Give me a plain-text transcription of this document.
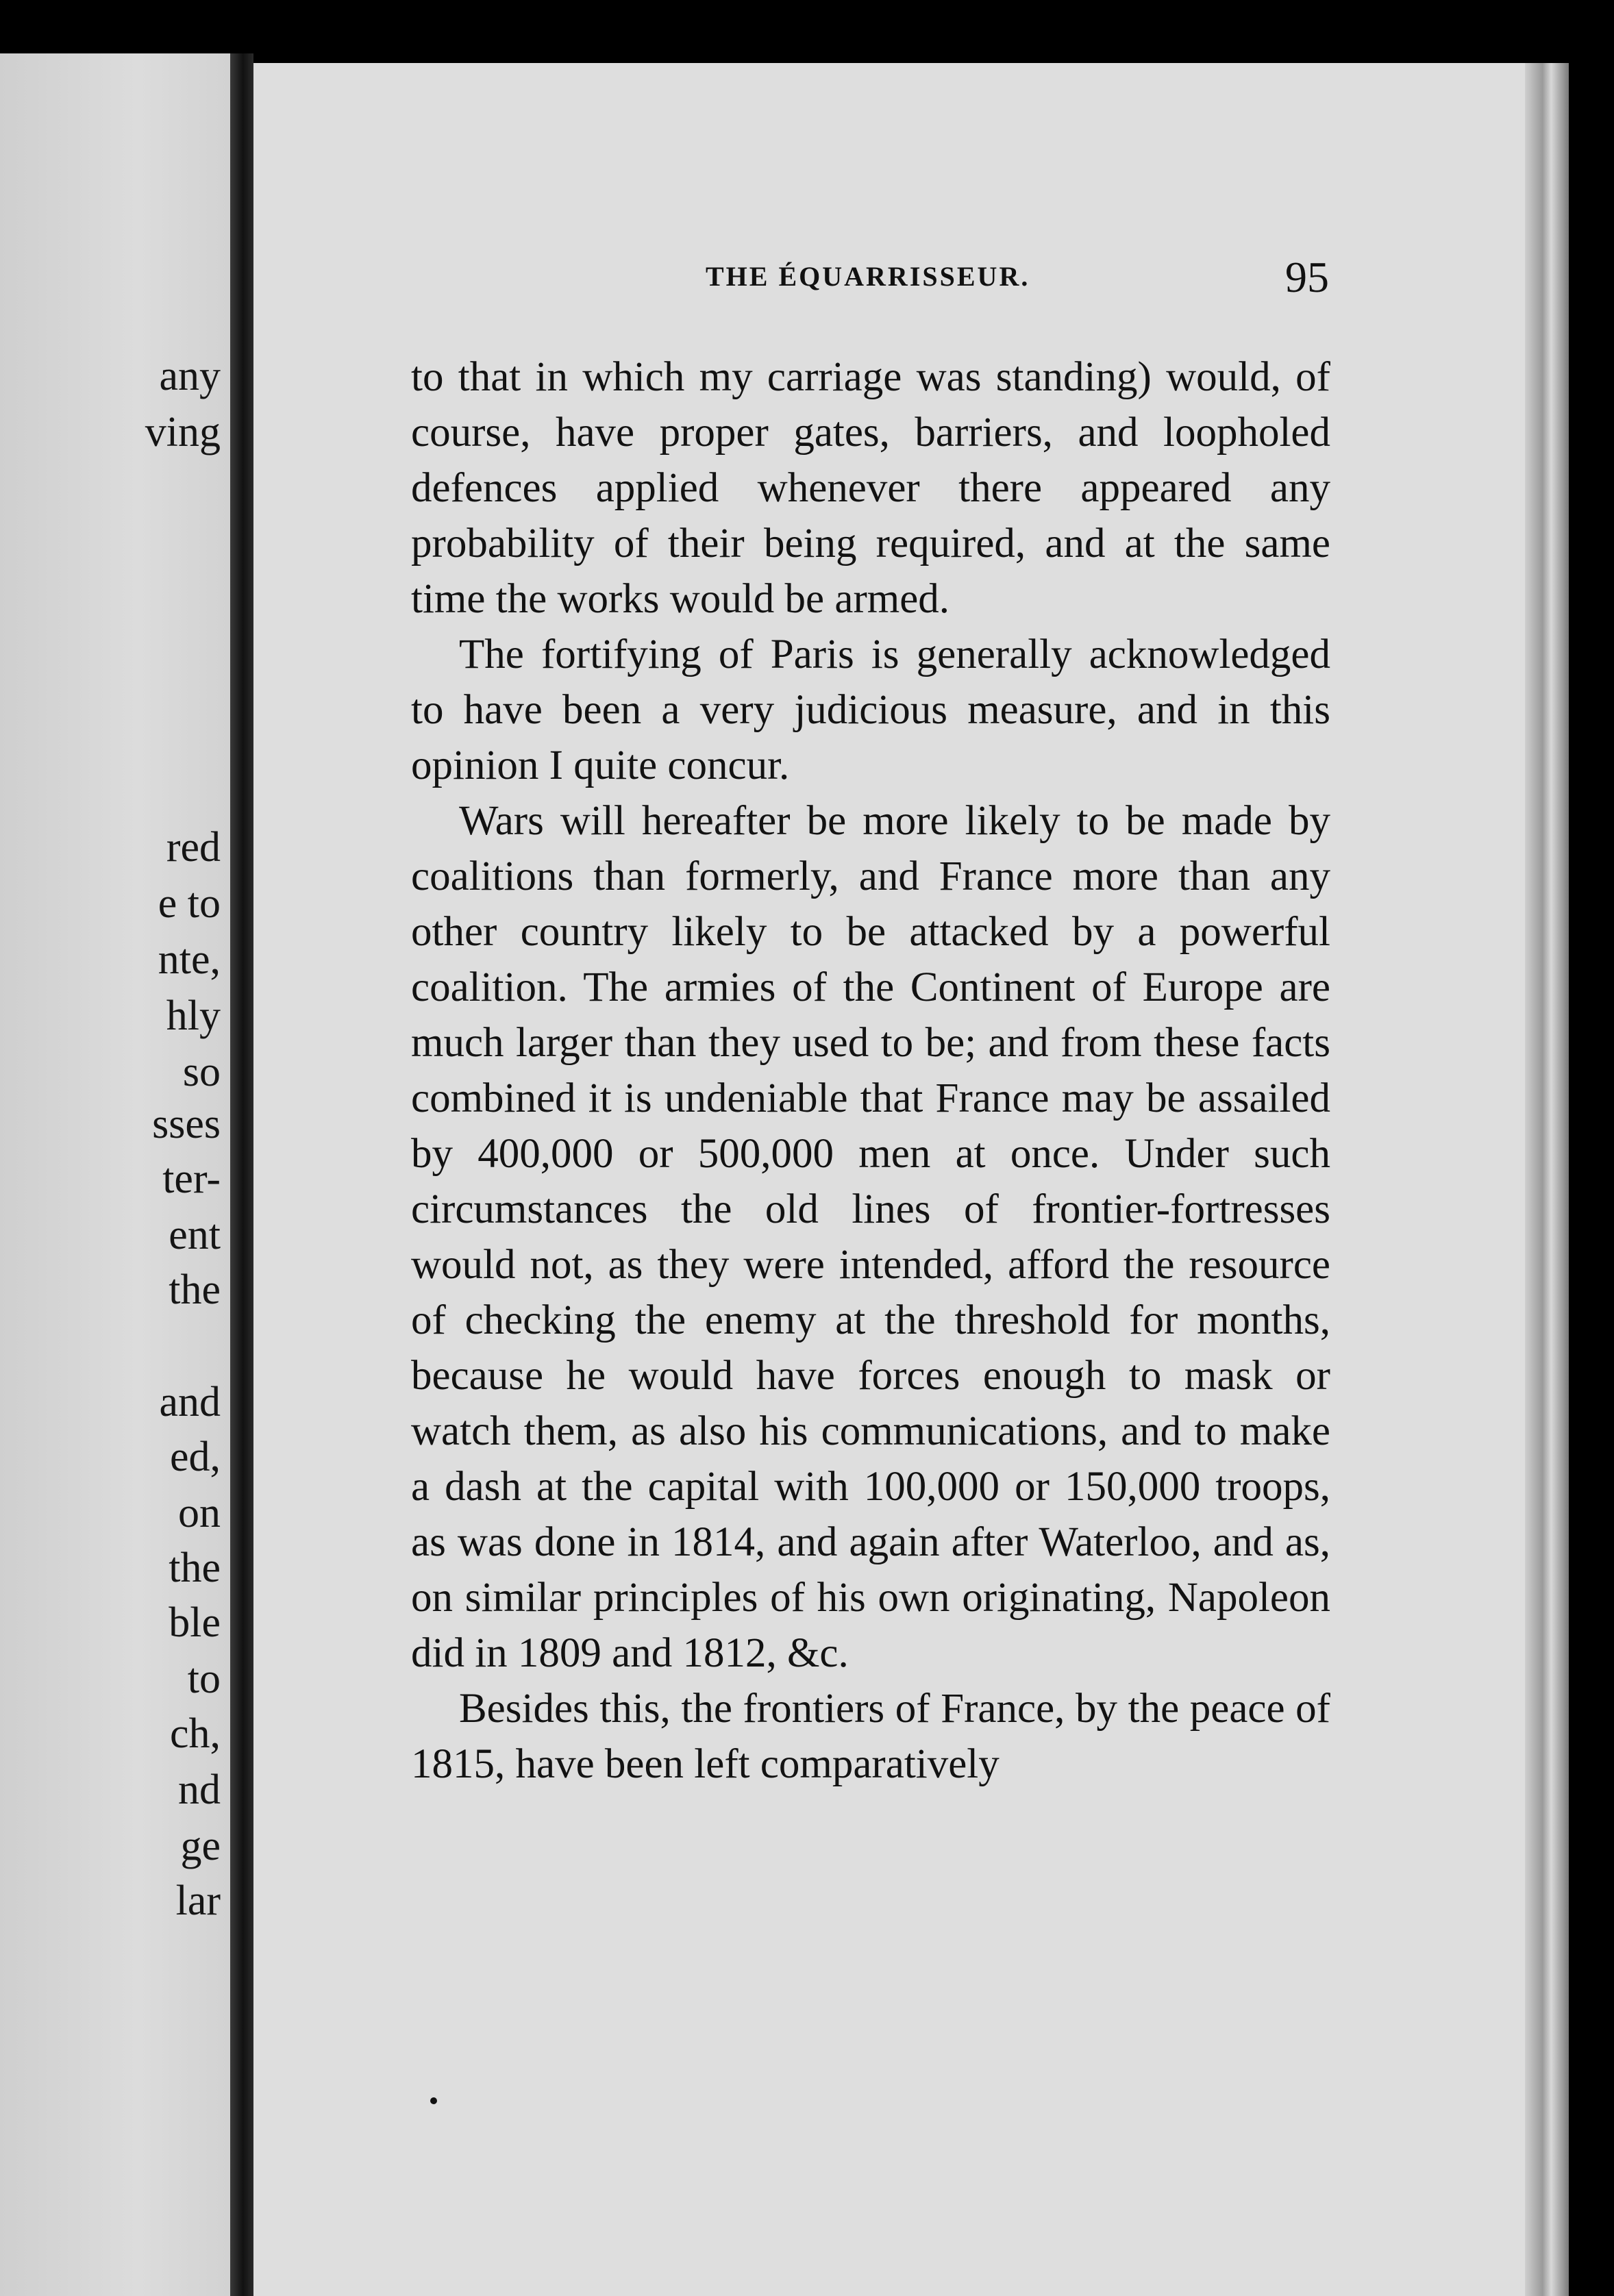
any
ving
red
e to
nte,
hly
so
sses
ter-
ent
the
and
ed,
on
the
ble
to
ch,
nd
ge
lar
THE ÉQUARRISSEUR.	95

to that in which my carriage was standing) would, of course, have proper gates, barriers, and loopholed defences applied whenever there appeared any probability of their being required, and at the same time the works would be armed.

The fortifying of Paris is generally acknowledged to have been a very judicious measure, and in this opinion I quite concur.

Wars will hereafter be more likely to be made by coalitions than formerly, and France more than any other country likely to be attacked by a powerful coalition. The armies of the Continent of Europe are much larger than they used to be; and from these facts combined it is undeniable that France may be assailed by 400,000 or 500,000 men at once. Under such circumstances the old lines of frontier-fortresses would not, as they were intended, afford the resource of checking the enemy at the threshold for months, because he would have forces enough to mask or watch them, as also his communications, and to make a dash at the capital with 100,000 or 150,000 troops, as was done in 1814, and again after Waterloo, and as, on similar principles of his own originating, Napoleon did in 1809 and 1812, &c.

Besides this, the frontiers of France, by the peace of 1815, have been left comparatively
